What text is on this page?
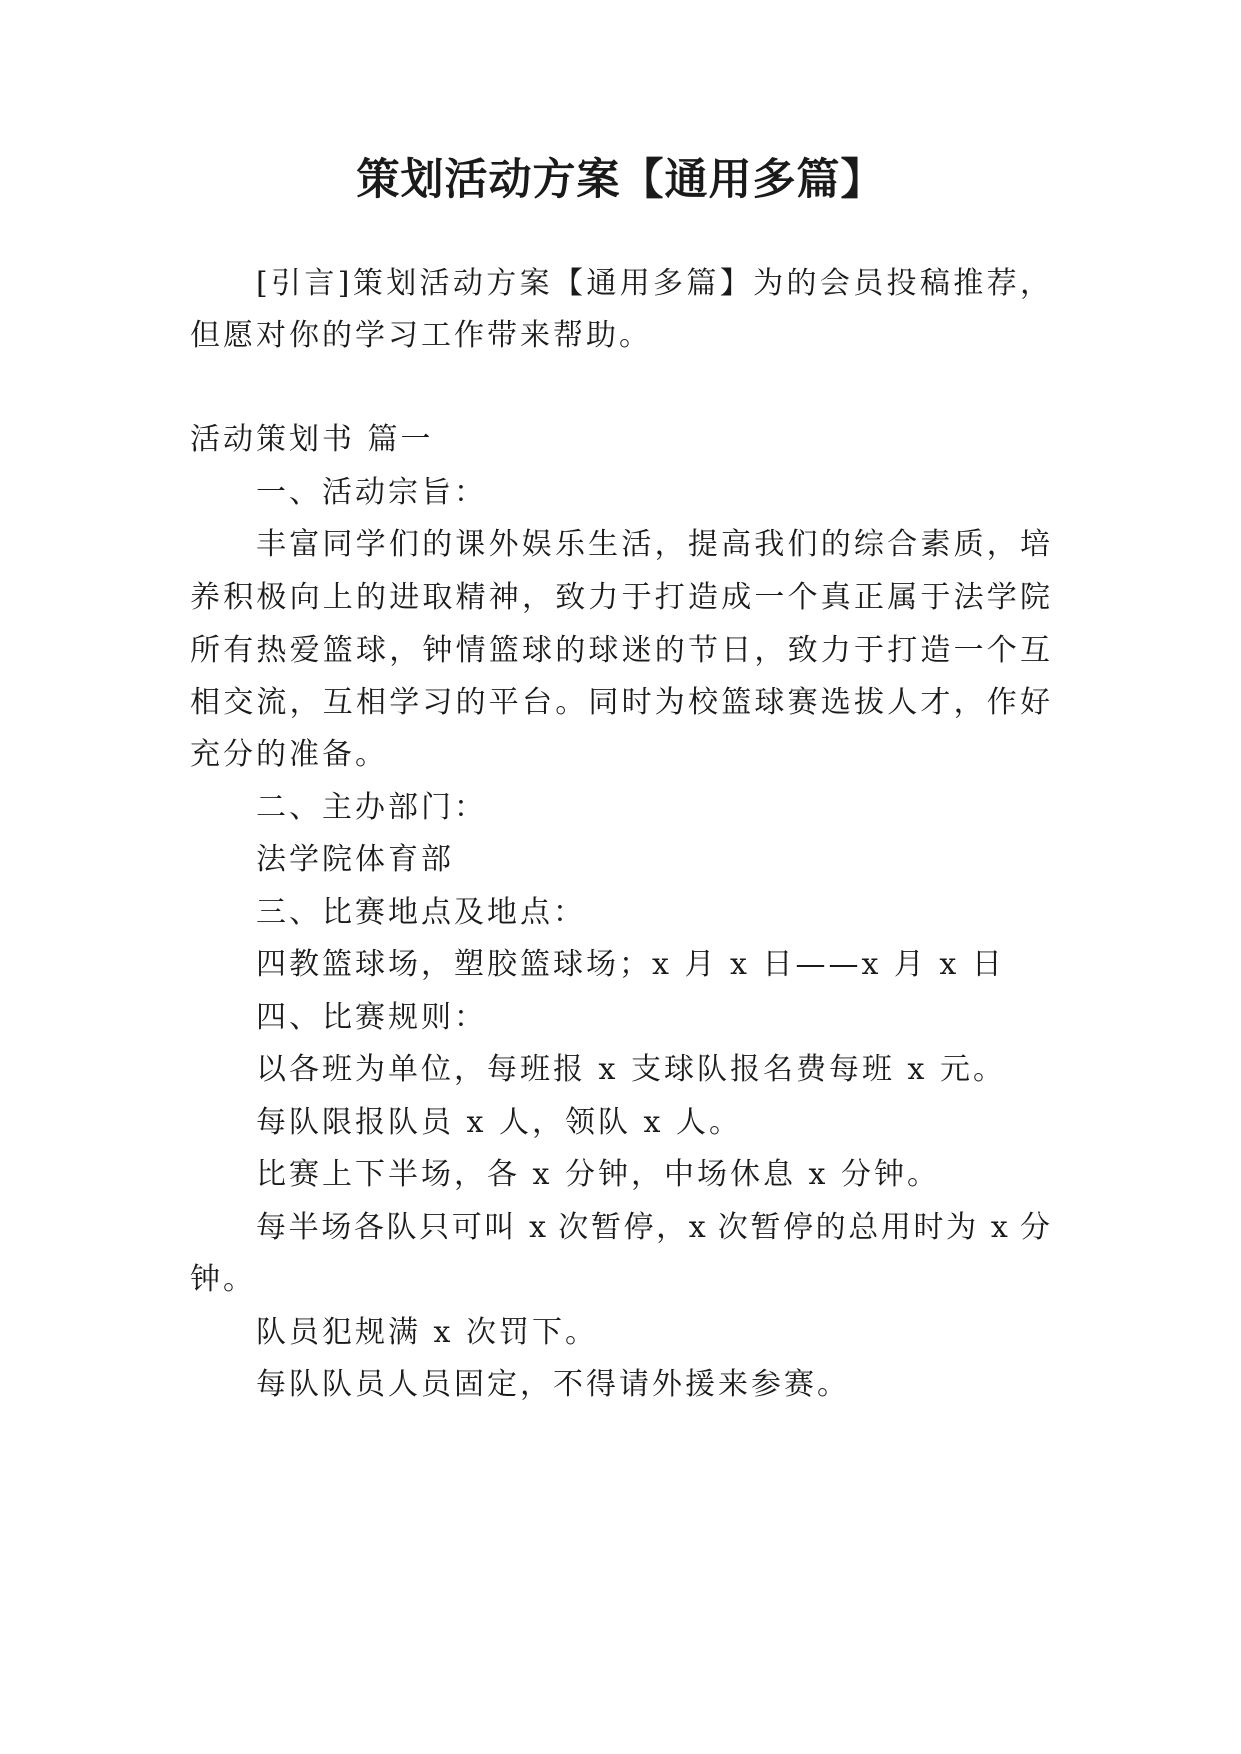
策划活动方案【通用多篇】
[引言]策划活动方案【通用多篇】为的会员投稿推荐，
但愿对你的学习工作带来帮助。
活动策划书 篇一
一、活动宗旨：
丰富同学们的课外娱乐生活，提高我们的综合素质，培
养积极向上的进取精神，致力于打造成一个真正属于法学院
所有热爱篮球，钟情篮球的球迷的节日，致力于打造一个互
相交流，互相学习的平台。同时为校篮球赛选拔人才，作好
充分的准备。
二、主办部门：
法学院体育部
三、比赛地点及地点：
四教篮球场，塑胶篮球场；x 月 x 日——x 月 x 日
四、比赛规则：
以各班为单位，每班报 x 支球队报名费每班 x 元。
每队限报队员 x 人，领队 x 人。
比赛上下半场，各 x 分钟，中场休息 x 分钟。
每半场各队只可叫 x 次暂停，x 次暂停的总用时为 x 分
钟。
队员犯规满 x 次罚下。
每队队员人员固定，不得请外援来参赛。
